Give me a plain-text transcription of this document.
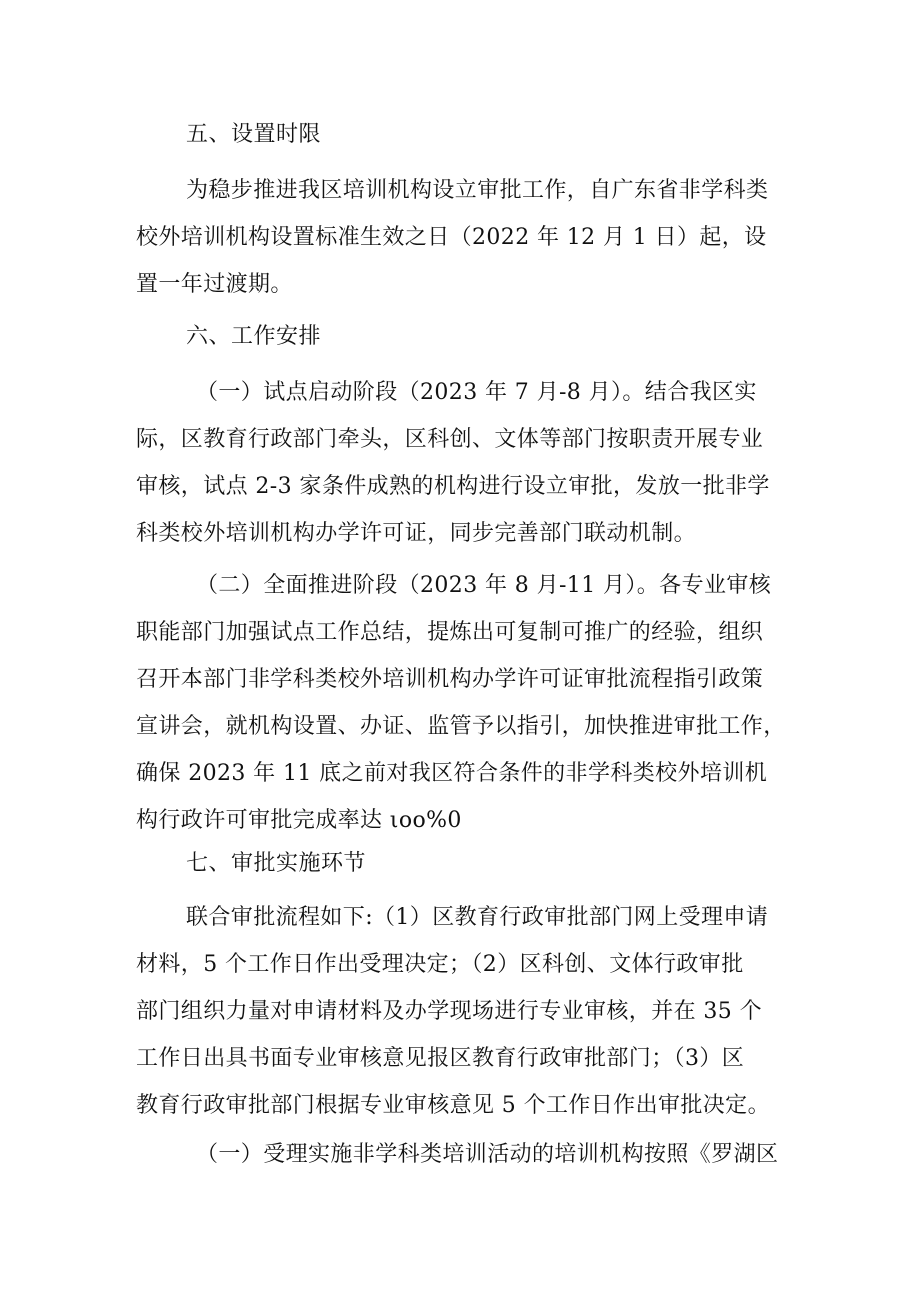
五、设置时限
为稳步推进我区培训机构设立审批工作，自广东省非学科类
校外培训机构设置标准生效之日（2022 年 12 月 1 日）起，设
置一年过渡期。
六、工作安排
（一）试点启动阶段（2023 年 7 月-8 月）。结合我区实
际，区教育行政部门牵头，区科创、文体等部门按职责开展专业
审核，试点 2-3 家条件成熟的机构进行设立审批，发放一批非学
科类校外培训机构办学许可证，同步完善部门联动机制。
（二）全面推进阶段（2023 年 8 月-11 月）。各专业审核
职能部门加强试点工作总结，提炼出可复制可推广的经验，组织
召开本部门非学科类校外培训机构办学许可证审批流程指引政策
宣讲会，就机构设置、办证、监管予以指引，加快推进审批工作，
确保 2023 年 11 底之前对我区符合条件的非学科类校外培训机
构行政许可审批完成率达 ιoo%0
七、审批实施环节
联合审批流程如下:（1）区教育行政审批部门网上受理申请
材料，5 个工作日作出受理决定；（2）区科创、文体行政审批
部门组织力量对申请材料及办学现场进行专业审核，并在 35 个
工作日出具书面专业审核意见报区教育行政审批部门；（3）区
教育行政审批部门根据专业审核意见 5 个工作日作出审批决定。
（一）受理实施非学科类培训活动的培训机构按照《罗湖区
